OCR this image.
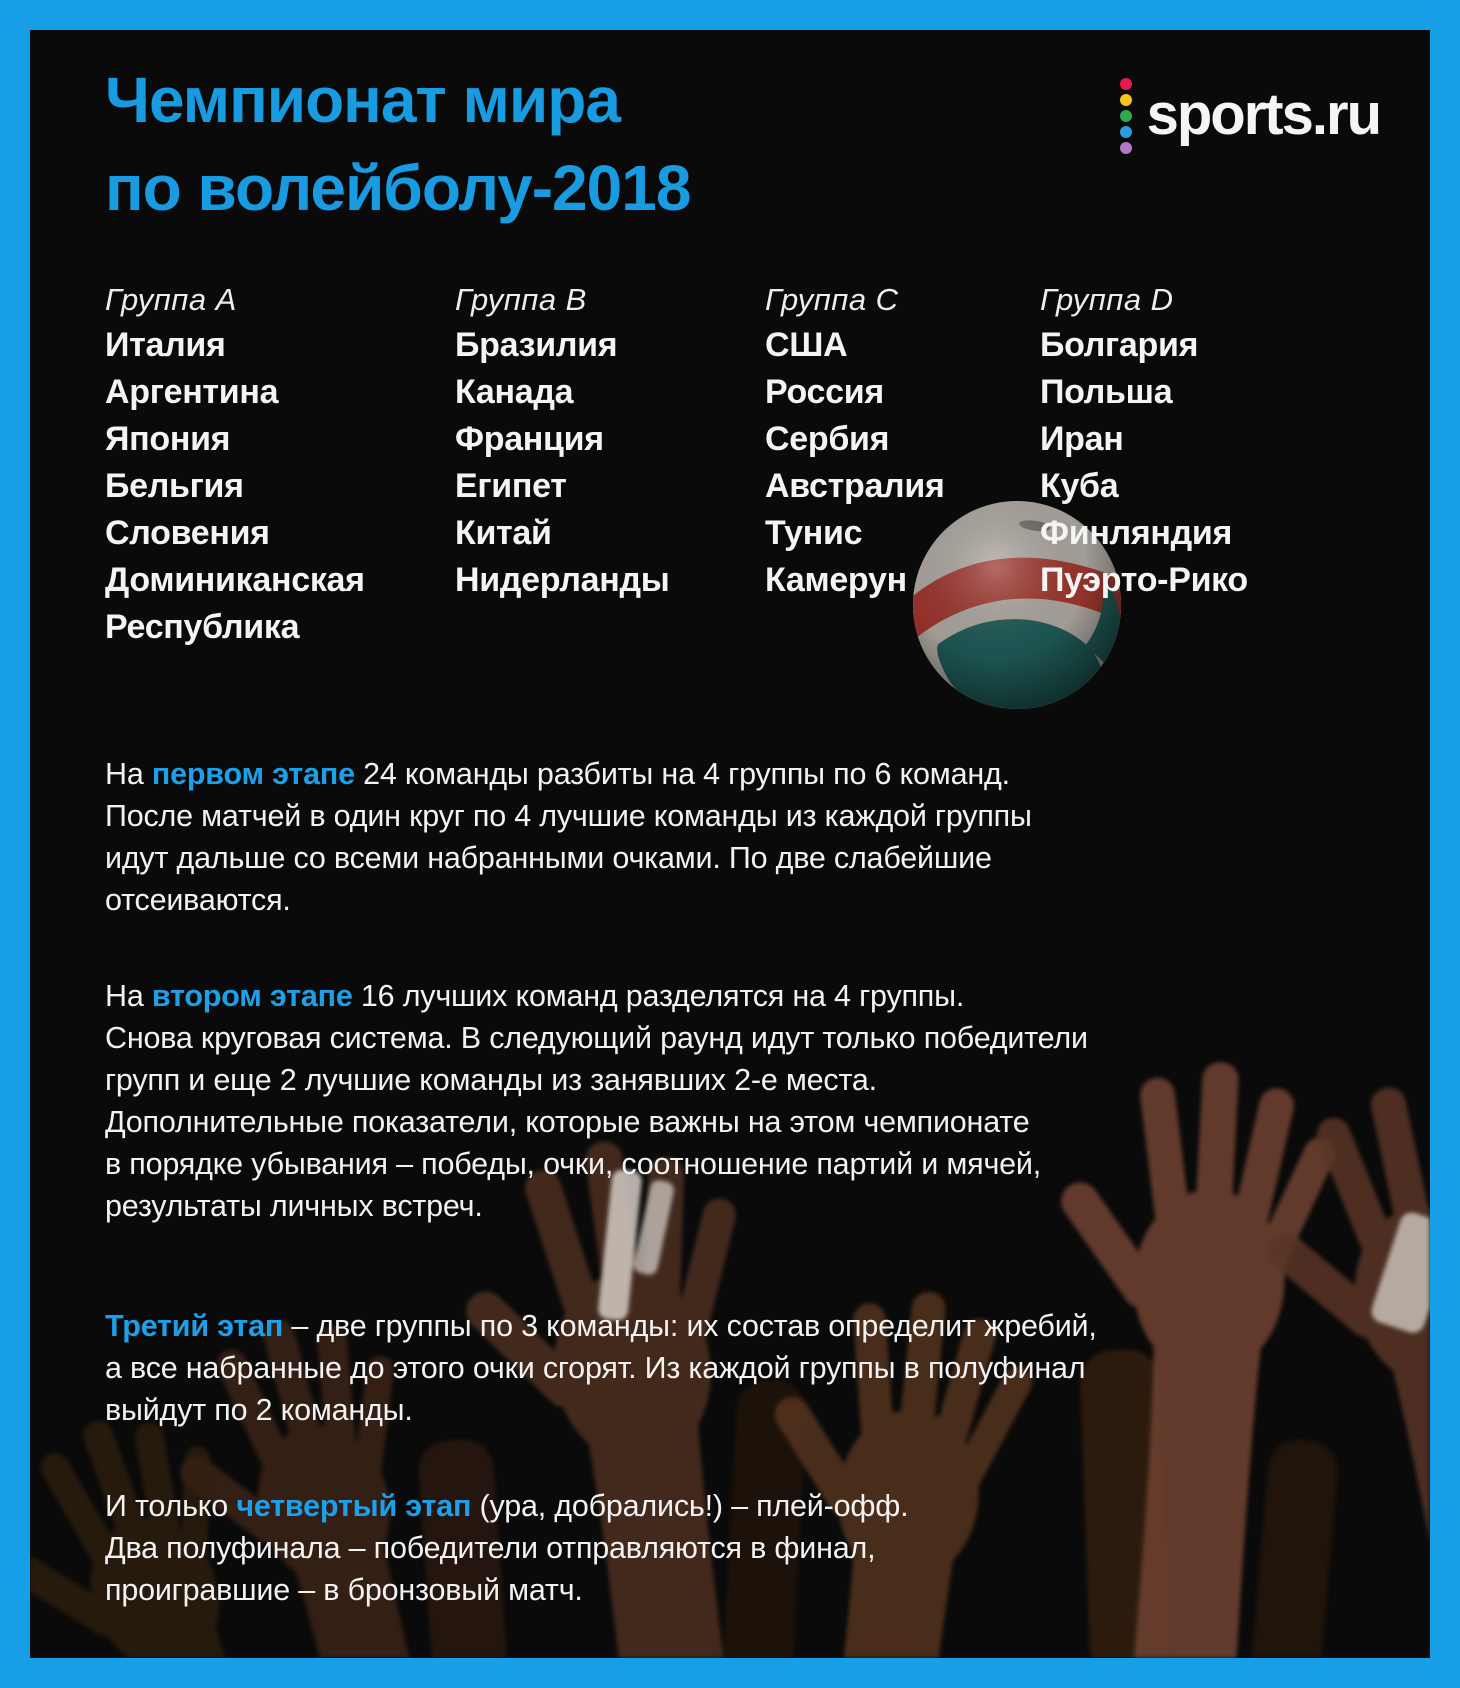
Чемпионат мира
по волейболу-2018
sports.ru
Группа A
Италия
Аргентина
Япония
Бельгия
Словения
Доминиканская Республика
Группа B
Бразилия
Канада
Франция
Египет
Китай
Нидерланды
Группа C
США
Россия
Сербия
Австралия
Тунис
Камерун
Группа D
Болгария
Польша
Иран
Куба
Финляндия
Пуэрто-Рико

На первом этапе 24 команды разбиты на 4 группы по 6 команд.
После матчей в один круг по 4 лучшие команды из каждой группы
идут дальше со всеми набранными очками. По две слабейшие
отсеиваются.

На втором этапе 16 лучших команд разделятся на 4 группы.
Снова круговая система. В следующий раунд идут только победители
групп и еще 2 лучшие команды из занявших 2-е места.
Дополнительные показатели, которые важны на этом чемпионате
в порядке убывания – победы, очки, соотношение партий и мячей,
результаты личных встреч.

Третий этап – две группы по 3 команды: их состав определит жребий,
а все набранные до этого очки сгорят. Из каждой группы в полуфинал
выйдут по 2 команды.

И только четвертый этап (ура, добрались!) – плей-офф.
Два полуфинала – победители отправляются в финал,
проигравшие – в бронзовый матч.
